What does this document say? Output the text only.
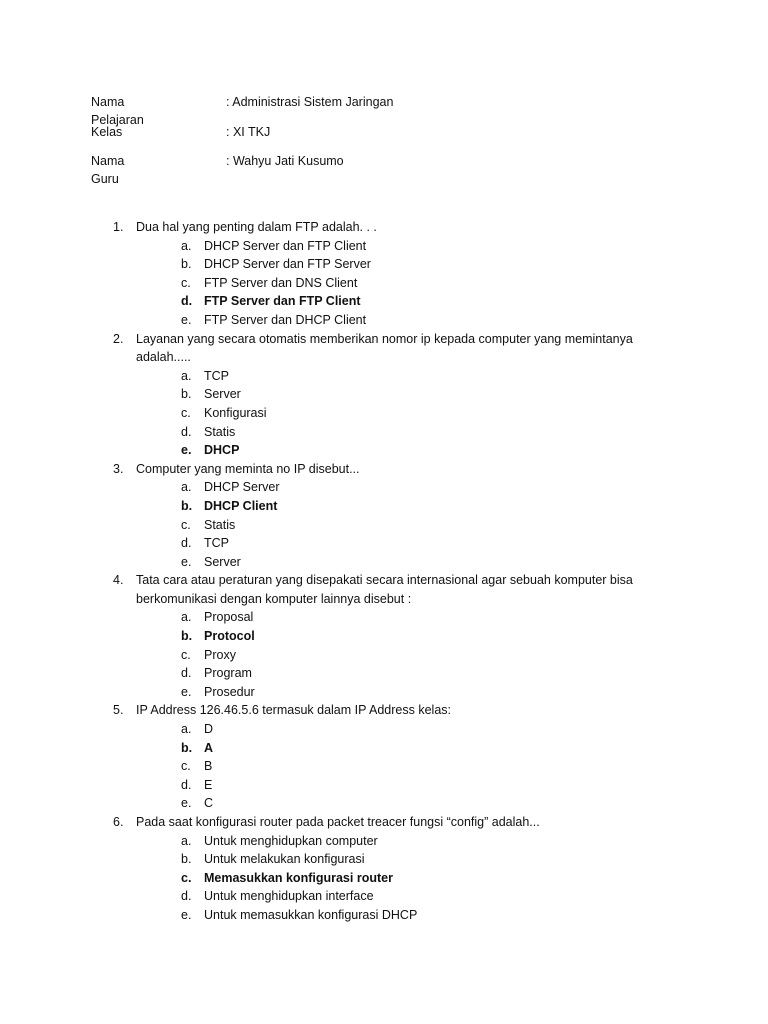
Nama Pelajaran
: Administrasi Sistem Jaringan
Kelas	: XI TKJ
Nama Guru
: Wahyu Jati Kusumo
1. Dua hal yang penting dalam FTP adalah. . .
a. DHCP Server dan FTP Client
b. DHCP Server dan FTP Server
c. FTP Server dan DNS Client
d. FTP Server dan FTP Client
e. FTP Server dan DHCP Client
2. Layanan yang secara otomatis memberikan nomor ip kepada computer yang memintanya adalah.....
a. TCP
b. Server
c. Konfigurasi
d. Statis
e. DHCP
3. Computer yang meminta no IP disebut...
a. DHCP Server
b. DHCP Client
c. Statis
d. TCP
e. Server
4. Tata cara atau peraturan yang disepakati secara internasional agar sebuah komputer bisa berkomunikasi dengan komputer lainnya disebut :
a. Proposal
b. Protocol
c. Proxy
d. Program
e. Prosedur
5. IP Address 126.46.5.6 termasuk dalam IP Address kelas:
a. D
b. A
c. B
d. E
e. C
6. Pada saat konfigurasi router pada packet treacer fungsi “config” adalah...
a. Untuk menghidupkan computer
b. Untuk melakukan konfigurasi
c. Memasukkan konfigurasi router
d. Untuk menghidupkan interface
e. Untuk memasukkan konfigurasi DHCP
